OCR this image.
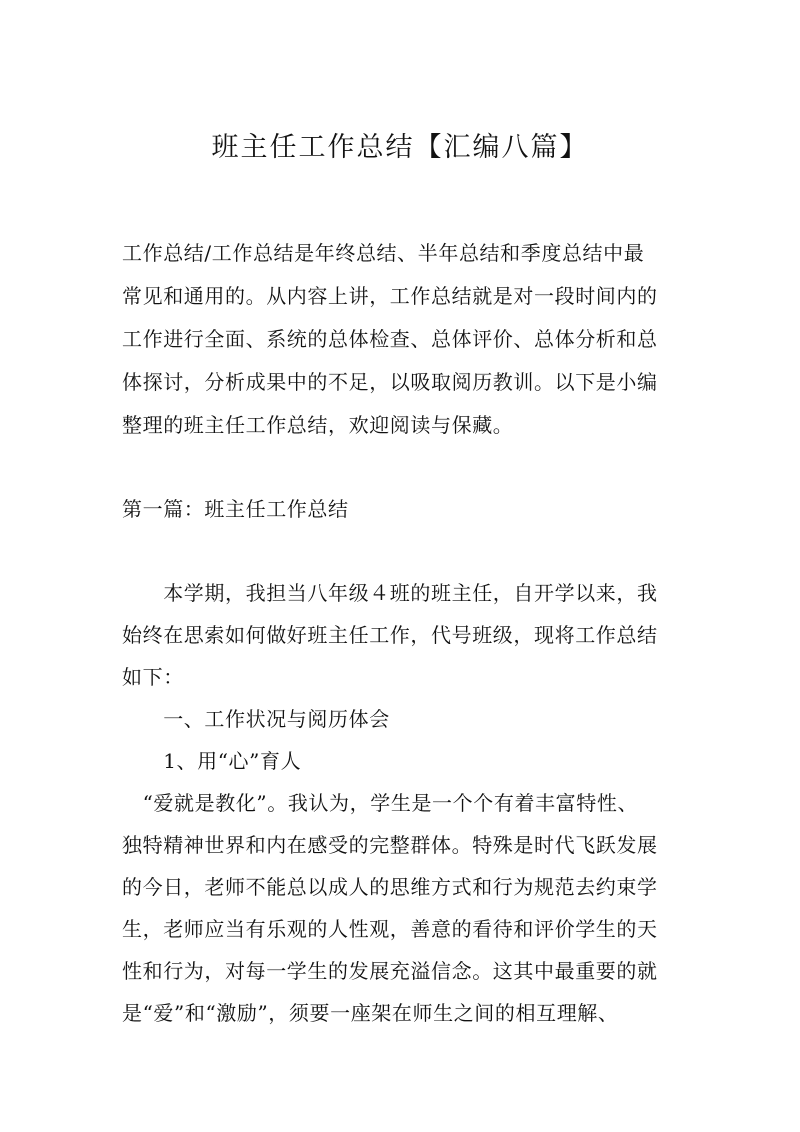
班主任工作总结【汇编八篇】
工作总结/工作总结是年终总结、半年总结和季度总结中最
常见和通用的。从内容上讲，工作总结就是对一段时间内的
工作进行全面、系统的总体检查、总体评价、总体分析和总
体探讨，分析成果中的不足，以吸取阅历教训。以下是小编
整理的班主任工作总结，欢迎阅读与保藏。
第一篇：班主任工作总结
　　本学期，我担当八年级４班的班主任，自开学以来，我
始终在思索如何做好班主任工作，代号班级，现将工作总结
如下：
　　一、工作状况与阅历体会
　　1、用“心”育人
　“爱就是教化”。我认为，学生是一个个有着丰富特性、
独特精神世界和内在感受的完整群体。特殊是时代飞跃发展
的今日，老师不能总以成人的思维方式和行为规范去约束学
生，老师应当有乐观的人性观，善意的看待和评价学生的天
性和行为，对每一学生的发展充溢信念。这其中最重要的就
是“爱”和“激励”，须要一座架在师生之间的相互理解、
